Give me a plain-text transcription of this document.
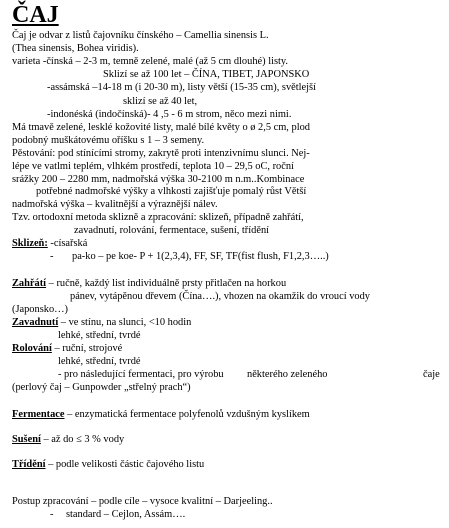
ČAJ
Čaj je odvar z listů čajovníku čínského – Camellia sinensis L.
(Thea sinensis, Bohea viridis).
varieta -čínská – 2-3 m, temně zelené, malé (až 5 cm dlouhé) listy.
Sklizí se až 100 let – ČÍNA, TIBET, JAPONSKO
-assámská –14-18 m (i 20-30 m), listy větší (15-35 cm), světlejší
sklizí se až 40 let,
-indonéská (indočínská)- 4 ,5 - 6 m strom, něco mezi nimi.
Má tmavě zelené, lesklé kožovité listy, malé bílé květy o ø 2,5 cm, plod
podobný muškátovému oříšku s 1 – 3 semeny.
Pěstování: pod stínícími stromy, zakrytě proti intenzivnímu slunci. Nej-
lépe ve vatlmi teplém, vlhkém prostředí, teplota 10 – 29,5 oC, roční
srážky 200 – 2280 mm, nadmořská výška 30-2100 m n.m..Kombinace
potřebné nadmořské výšky a vlhkosti zajišťuje pomalý růst Větší
nadmořská výška – kvalitnější a výraznější nálev.
Tzv. ortodoxní metoda sklizně a zpracování: sklizeň, případně zahřátí,
zavadnutí, rolování, fermentace, sušení, třídění
Sklizeň: -císařská
- pa-ko – pe koe- P + 1(2,3,4), FF, SF, TF(fist flush, F1,2,3…..)
Zahřátí – ručně, každý list individuálně prsty přitlačen na horkou
pánev, vytápěnou dřevem (Čína….), vhozen na okamžik do vroucí vody
(Japonsko…)
Zavadnutí – ve stínu, na slunci, <10 hodin
lehké, střední, tvrdé
Rolování – ruční, strojové
lehké, střední, tvrdé
- pro následující fermentaci, pro výrobu některého zeleného	čaje
(perlový čaj – Gunpowder „střelný prach“)
Fermentace – enzymatická fermentace polyfenolů vzdušným kyslíkem
Sušení – až do ≤ 3 % vody
Třídění – podle velikosti částic čajového listu
Postup zpracování – podle cíle – vysoce kvalitní – Darjeeling..
- standard – Cejlon, Assám….
